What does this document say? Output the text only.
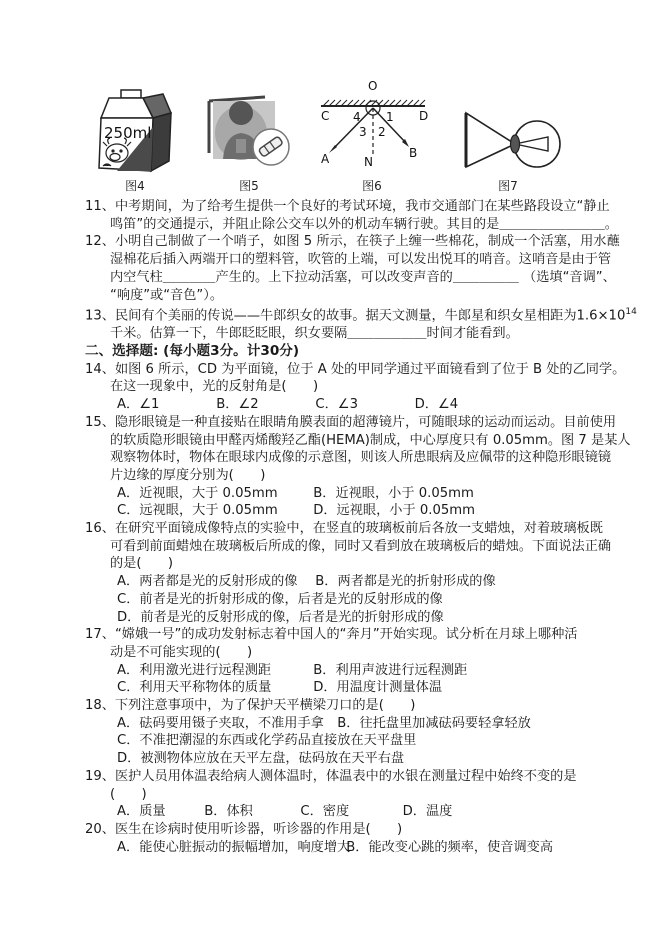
250ml
图4	图5
O
C	D
4 1
3 2
A	B
N
图6	图7
11、中考期间，为了给考生提供一个良好的考试环境，我市交通部门在某些路段设立“静止
鸣笛”的交通提示，并阻止除公交车以外的机动车辆行驶。其目的是＿＿＿＿＿＿＿＿。
12、小明自己制做了一个哨子，如图 5 所示，在筷子上缠一些棉花，制成一个活塞，用水蘸
湿棉花后插入两端开口的塑料管，吹管的上端，可以发出悦耳的哨音。这哨音是由于管
内空气柱＿＿＿＿产生的。上下拉动活塞，可以改变声音的＿＿＿＿＿ （选填“音调”、
“响度”或“音色”）。
13、民间有个美丽的传说——牛郎织女的故事。据天文测量，牛郎星和织女星相距为$1.6\times 10^{14}$
千米。估算一下，牛郎眨眨眼，织女要隔＿＿＿＿＿＿时间才能看到。
二、选择题: (每小题3分。计30分)
14、如图 6 所示，CD 为平面镜，位于 A 处的甲同学通过平面镜看到了位于 B 处的乙同学。
在这一现象中，光的反射角是(　　)
A．∠1	B．∠2	C．∠3	D．∠4
15、隐形眼镜是一种直接贴在眼睛角膜表面的超薄镜片，可随眼球的运动而运动。目前使用
的软质隐形眼镜由甲醛丙烯酸羟乙酯(HEMA)制成，中心厚度只有 0.05mm。图 7 是某人
观察物体时，物体在眼球内成像的示意图，则该人所患眼病及应佩带的这种隐形眼镜镜
片边缘的厚度分别为(　　)
A．近视眼，大于 0.05mm	B．近视眼，小于 0.05mm
C．远视眼，大于 0.05mm	D．远视眼，小于 0.05mm
16、在研究平面镜成像特点的实验中，在竖直的玻璃板前后各放一支蜡烛，对着玻璃板既
可看到前面蜡烛在玻璃板后所成的像，同时又看到放在玻璃板后的蜡烛。下面说法正确
的是(　　)
A．两者都是光的反射形成的像 B．两者都是光的折射形成的像
C．前者是光的折射形成的像，后者是光的反射形成的像
D．前者是光的反射形成的像，后者是光的折射形成的像
17、“嫦娥一号”的成功发射标志着中国人的“奔月”开始实现。试分析在月球上哪种活
动是不可能实现的(　　)
A．利用激光进行远程测距	B．利用声波进行远程测距
C．利用天平称物体的质量	D．用温度计测量体温
18、下列注意事项中，为了保护天平横梁刀口的是(　　)
A．砝码要用镊子夹取，不准用手拿 B．往托盘里加减砝码要轻拿轻放
C．不准把潮湿的东西或化学药品直接放在天平盘里
D．被测物体应放在天平左盘，砝码放在天平右盘
19、医护人员用体温表给病人测体温时，体温表中的水银在测量过程中始终不变的是
(　　)
A．质量	B．体积	C．密度	D．温度
20、医生在诊病时使用听诊器，听诊器的作用是(　　)
A．能使心脏振动的振幅增加，响度增大 B．能改变心跳的频率，使音调变高
